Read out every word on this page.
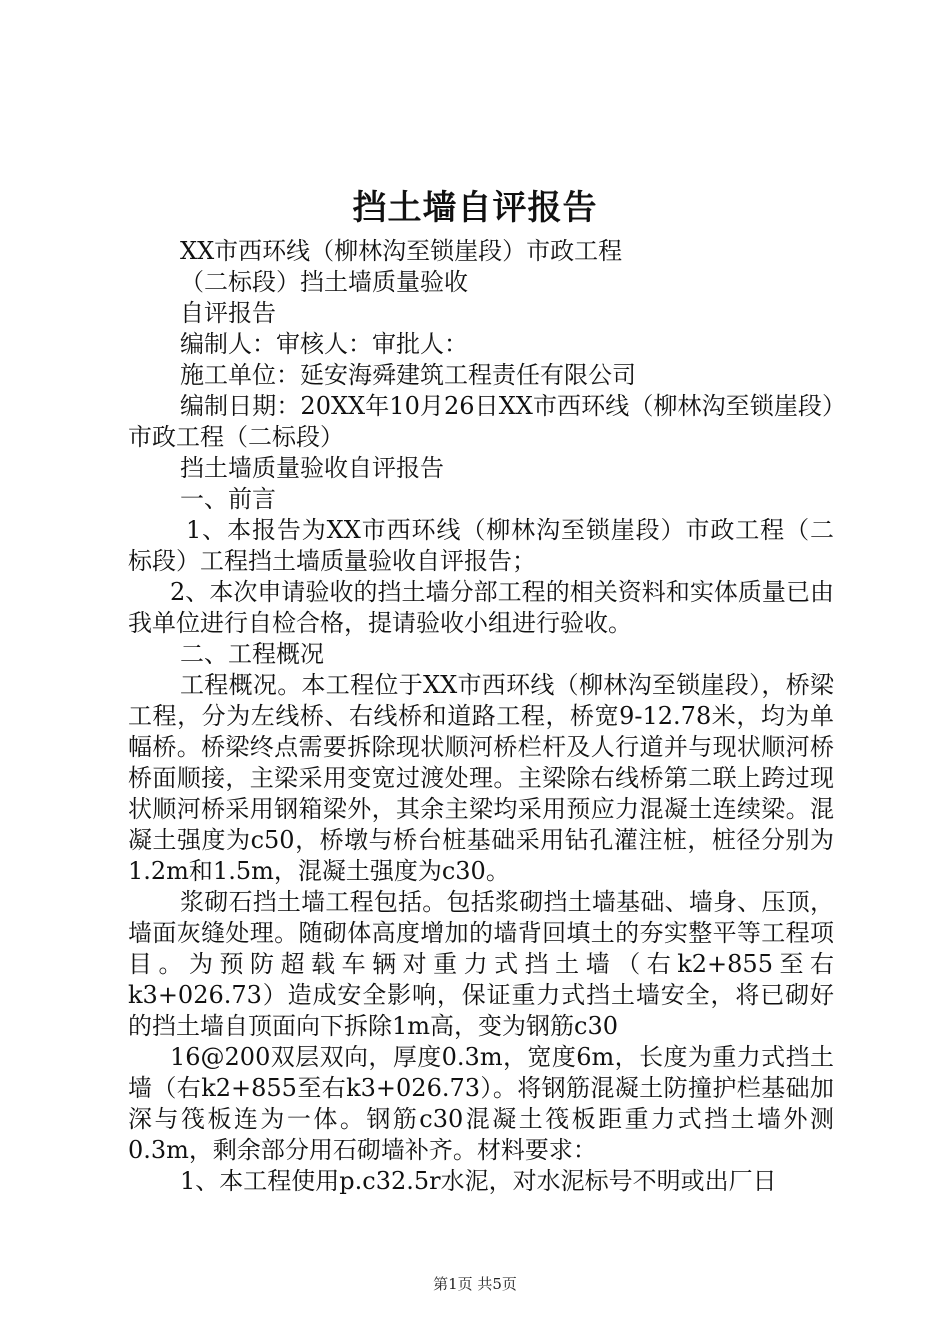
挡土墙自评报告

XX市西环线（柳林沟至锁崖段）市政工程

（二标段）挡土墙质量验收

自评报告

编制人：审核人：审批人：

施工单位：延安海舜建筑工程责任有限公司

编制日期：20XX年10月26日XX市西环线（柳林沟至锁崖段）市政工程（二标段）

挡土墙质量验收自评报告

一、前言

1、本报告为XX市西环线（柳林沟至锁崖段）市政工程（二标段）工程挡土墙质量验收自评报告；

2、本次申请验收的挡土墙分部工程的相关资料和实体质量已由我单位进行自检合格，提请验收小组进行验收。

二、工程概况

工程概况。本工程位于XX市西环线（柳林沟至锁崖段），桥梁工程，分为左线桥、右线桥和道路工程，桥宽9-12.78米，均为单幅桥。桥梁终点需要拆除现状顺河桥栏杆及人行道并与现状顺河桥桥面顺接，主梁采用变宽过渡处理。主梁除右线桥第二联上跨过现状顺河桥采用钢箱梁外，其余主梁均采用预应力混凝土连续梁。混凝土强度为c50，桥墩与桥台桩基础采用钻孔灌注桩，桩径分别为1.2m和1.5m，混凝土强度为c30。

浆砌石挡土墙工程包括。包括浆砌挡土墙基础、墙身、压顶，墙面灰缝处理。随砌体高度增加的墙背回填土的夯实整平等工程项目。为预防超载车辆对重力式挡土墙（右k2+855至右k3+026.73）造成安全影响，保证重力式挡土墙安全，将已砌好的挡土墙自顶面向下拆除1m高，变为钢筋c30

16@200双层双向，厚度0.3m，宽度6m，长度为重力式挡土墙（右k2+855至右k3+026.73）。将钢筋混凝土防撞护栏基础加深与筏板连为一体。钢筋c30混凝土筏板距重力式挡土墙外测0.3m，剩余部分用石砌墙补齐。材料要求：

1、本工程使用p.c32.5r水泥，对水泥标号不明或出厂日

第1页 共5页
